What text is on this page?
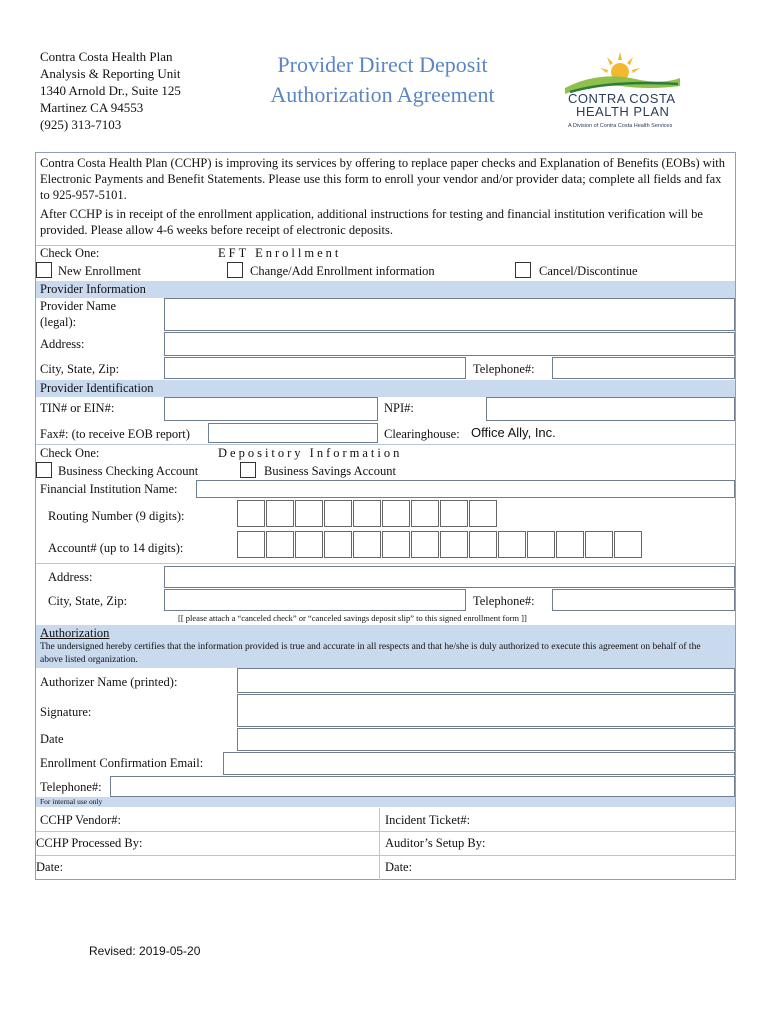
Contra Costa Health Plan
Analysis & Reporting Unit
1340 Arnold Dr., Suite 125
Martinez CA 94553
(925) 313-7103
Provider Direct Deposit
Authorization Agreement	CONTRA COSTA
HEALTH PLAN
A Division of Contra Costa Health Services
Contra Costa Health Plan (CCHP) is improving its services by offering to replace paper checks and Explanation of Benefits (EOBs) with Electronic Payments and Benefit Statements. Please use this form to enroll your vendor and/or provider data; complete all fields and fax to 925-957-5101.
After CCHP is in receipt of the enrollment application, additional instructions for testing and financial institution verification will be provided. Please allow 4-6 weeks before receipt of electronic deposits.
Check One:	EFT Enrollment
New Enrollment	Change/Add Enrollment information	Cancel/Discontinue
Provider Information
Provider Name
(legal):
Address:
City, State, Zip:	Telephone#:
Provider Identification
TIN# or EIN#:	NPI#:
Fax#: (to receive EOB report)	Clearinghouse: Office Ally, Inc.
Check One:	Depository Information
Business Checking Account	Business Savings Account
Financial Institution Name:
Routing Number (9 digits):
Account# (up to 14 digits):
Address:
City, State, Zip:	Telephone#:
[[ please attach a “canceled check” or “canceled savings deposit slip” to this signed enrollment form ]]
Authorization
The undersigned hereby certifies that the information provided is true and accurate in all respects and that he/she is duly authorized to execute this agreement on behalf of the above listed organization.
Authorizer Name (printed):
Signature:
Date
Enrollment Confirmation Email:
Telephone#:
For internal use only
CCHP Vendor#:	Incident Ticket#:
CCHP Processed By:	Auditor’s Setup By:
Date:	Date:
Revised: 2019-05-20
